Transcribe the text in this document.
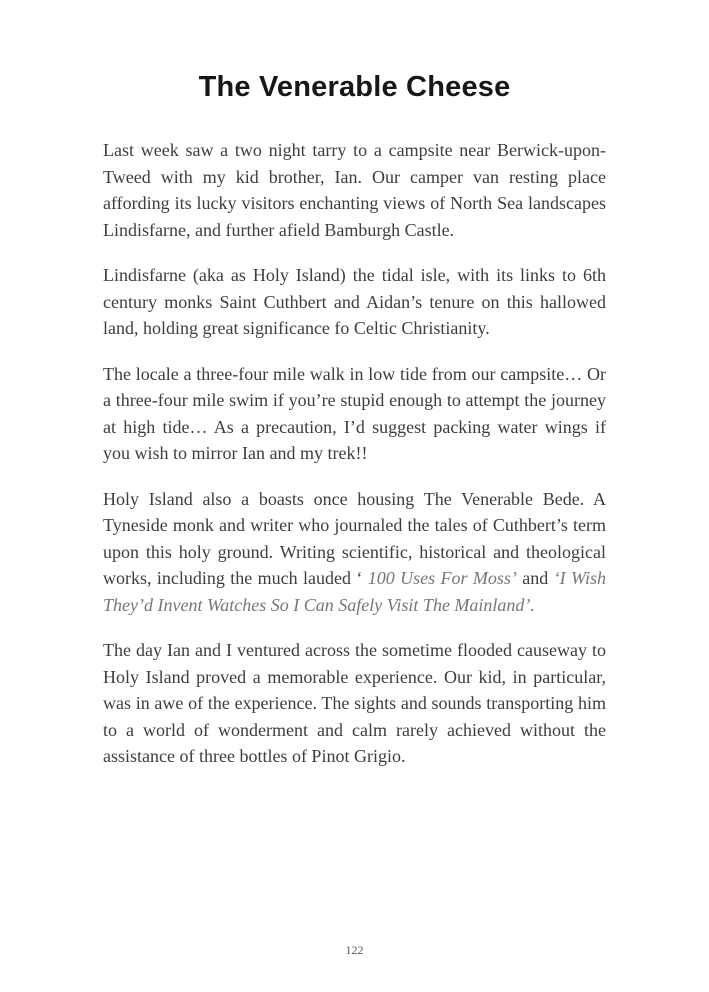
The Venerable Cheese

Last week saw a two night tarry to a campsite near Berwick-upon-Tweed with my kid brother, Ian. Our camper van resting place affording its lucky visitors enchanting views of North Sea landscapes Lindisfarne, and further afield Bamburgh Castle.

Lindisfarne (aka as Holy Island) the tidal isle, with its links to 6th century monks Saint Cuthbert and Aidan’s tenure on this hallowed land, holding great significance fo Celtic Christianity.

The locale a three-four mile walk in low tide from our campsite… Or a three-four mile swim if you’re stupid enough to attempt the journey at high tide… As a precaution, I’d suggest packing water wings if you wish to mirror Ian and my trek!!

Holy Island also a boasts once housing The Venerable Bede. A Tyneside monk and writer who journaled the tales of Cuthbert’s term upon this holy ground. Writing scientific, historical and theological works, including the much lauded ‘ 100 Uses For Moss’ and ‘I Wish They’d Invent Watches So I Can Safely Visit The Mainland’.

The day Ian and I ventured across the sometime flooded causeway to Holy Island proved a memorable experience. Our kid, in particular, was in awe of the experience. The sights and sounds transporting him to a world of wonderment and calm rarely achieved without the assistance of three bottles of Pinot Grigio.

122
